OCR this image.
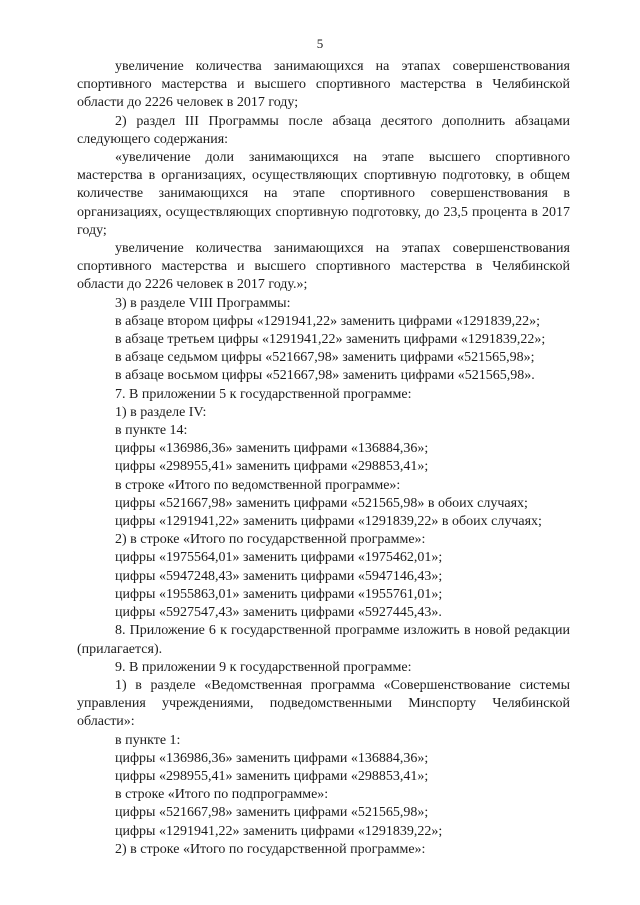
5

увеличение количества занимающихся на этапах совершенствования спортивного мастерства и высшего спортивного мастерства в Челябинской области до 2226 человек в 2017 году;

2) раздел III Программы после абзаца десятого дополнить абзацами следующего содержания:

«увеличение доли занимающихся на этапе высшего спортивного мастерства в организациях, осуществляющих спортивную подготовку, в общем количестве занимающихся на этапе спортивного совершенствования в организациях, осуществляющих спортивную подготовку, до 23,5 процента в 2017 году;

увеличение количества занимающихся на этапах совершенствования спортивного мастерства и высшего спортивного мастерства в Челябинской области до 2226 человек в 2017 году.»;

3) в разделе VIII Программы:

в абзаце втором цифры «1291941,22» заменить цифрами «1291839,22»;

в абзаце третьем цифры «1291941,22» заменить цифрами «1291839,22»;

в абзаце седьмом цифры «521667,98» заменить цифрами «521565,98»;

в абзаце восьмом цифры «521667,98» заменить цифрами «521565,98».

7. В приложении 5 к государственной программе:

1) в разделе IV:

в пункте 14:

цифры «136986,36» заменить цифрами «136884,36»;

цифры «298955,41» заменить цифрами «298853,41»;

в строке «Итого по ведомственной программе»:

цифры «521667,98» заменить цифрами «521565,98» в обоих случаях;

цифры «1291941,22» заменить цифрами «1291839,22» в обоих случаях;

2) в строке «Итого по государственной программе»:

цифры «1975564,01» заменить цифрами «1975462,01»;

цифры «5947248,43» заменить цифрами «5947146,43»;

цифры «1955863,01» заменить цифрами «1955761,01»;

цифры «5927547,43» заменить цифрами «5927445,43».

8. Приложение 6 к государственной программе изложить в новой редакции (прилагается).

9. В приложении 9 к государственной программе:

1) в разделе «Ведомственная программа «Совершенствование системы управления учреждениями, подведомственными Минспорту Челябинской области»:

в пункте 1:

цифры «136986,36» заменить цифрами «136884,36»;

цифры «298955,41» заменить цифрами «298853,41»;

в строке «Итого по подпрограмме»:

цифры «521667,98» заменить цифрами «521565,98»;

цифры «1291941,22» заменить цифрами «1291839,22»;

2) в строке «Итого по государственной программе»:
